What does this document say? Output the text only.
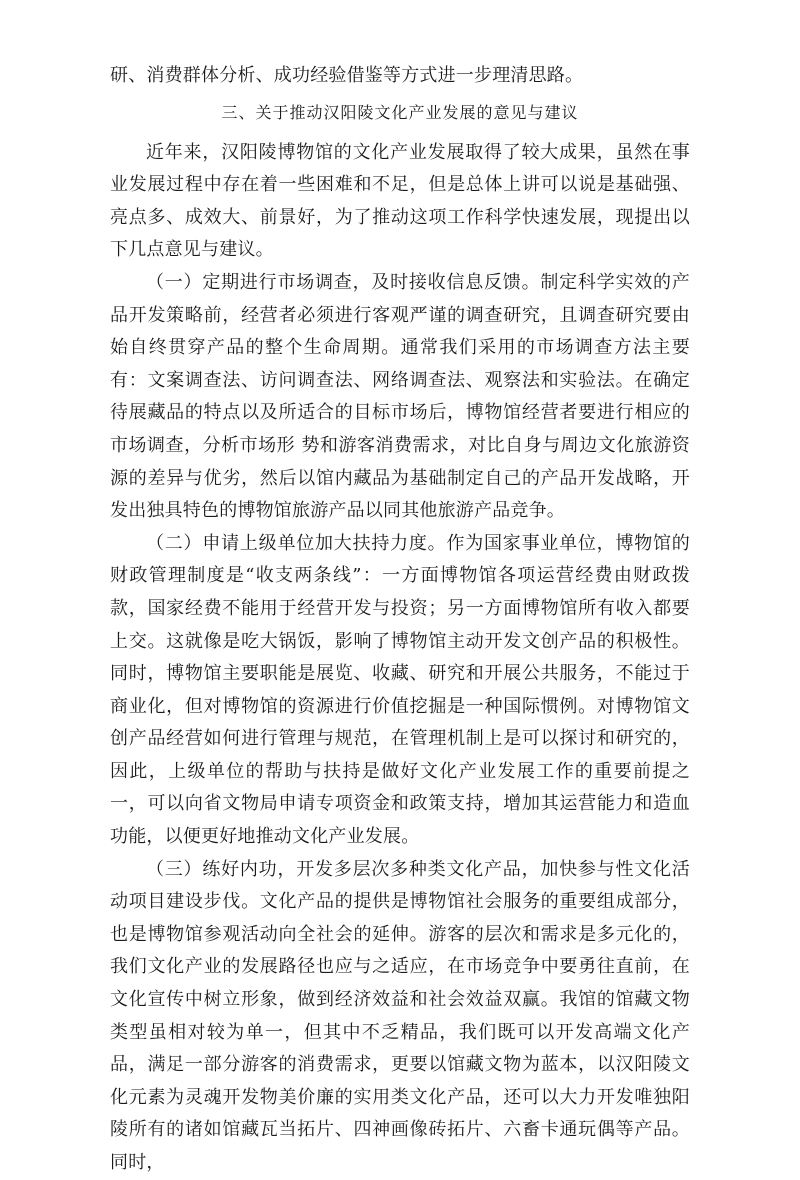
研、消费群体分析、成功经验借鉴等方式进一步理清思路。

三、关于推动汉阳陵文化产业发展的意见与建议

近年来，汉阳陵博物馆的文化产业发展取得了较大成果，虽然在事业发展过程中存在着一些困难和不足，但是总体上讲可以说是基础强、亮点多、成效大、前景好，为了推动这项工作科学快速发展，现提出以下几点意见与建议。

（一）定期进行市场调查，及时接收信息反馈。制定科学实效的产品开发策略前，经营者必须进行客观严谨的调查研究，且调查研究要由始自终贯穿产品的整个生命周期。通常我们采用的市场调查方法主要 有：文案调查法、访问调查法、网络调查法、观察法和实验法。在确定待展藏品的特点以及所适合的目标市场后，博物馆经营者要进行相应的市场调查，分析市场形 势和游客消费需求，对比自身与周边文化旅游资源的差异与优劣，然后以馆内藏品为基础制定自己的产品开发战略，开发出独具特色的博物馆旅游产品以同其他旅游产品竞争。

（二）申请上级单位加大扶持力度。作为国家事业单位，博物馆的财政管理制度是“收支两条线”：一方面博物馆各项运营经费由财政拨款，国家经费不能用于经营开发与投资；另一方面博物馆所有收入都要上交。这就像是吃大锅饭，影响了博物馆主动开发文创产品的积极性。同时，博物馆主要职能是展览、收藏、研究和开展公共服务，不能过于商业化，但对博物馆的资源进行价值挖掘是一种国际惯例。对博物馆文创产品经营如何进行管理与规范，在管理机制上是可以探讨和研究的，因此，上级单位的帮助与扶持是做好文化产业发展工作的重要前提之一，可以向省文物局申请专项资金和政策支持，增加其运营能力和造血功能，以便更好地推动文化产业发展。

（三）练好内功，开发多层次多种类文化产品，加快参与性文化活动项目建设步伐。文化产品的提供是博物馆社会服务的重要组成部分，也是博物馆参观活动向全社会的延伸。游客的层次和需求是多元化的，我们文化产业的发展路径也应与之适应，在市场竞争中要勇往直前，在文化宣传中树立形象，做到经济效益和社会效益双赢。我馆的馆藏文物类型虽相对较为单一，但其中不乏精品，我们既可以开发高端文化产品，满足一部分游客的消费需求，更要以馆藏文物为蓝本，以汉阳陵文化元素为灵魂开发物美价廉的实用类文化产品，还可以大力开发唯独阳陵所有的诸如馆藏瓦当拓片、四神画像砖拓片、六畜卡通玩偶等产品。同时，
